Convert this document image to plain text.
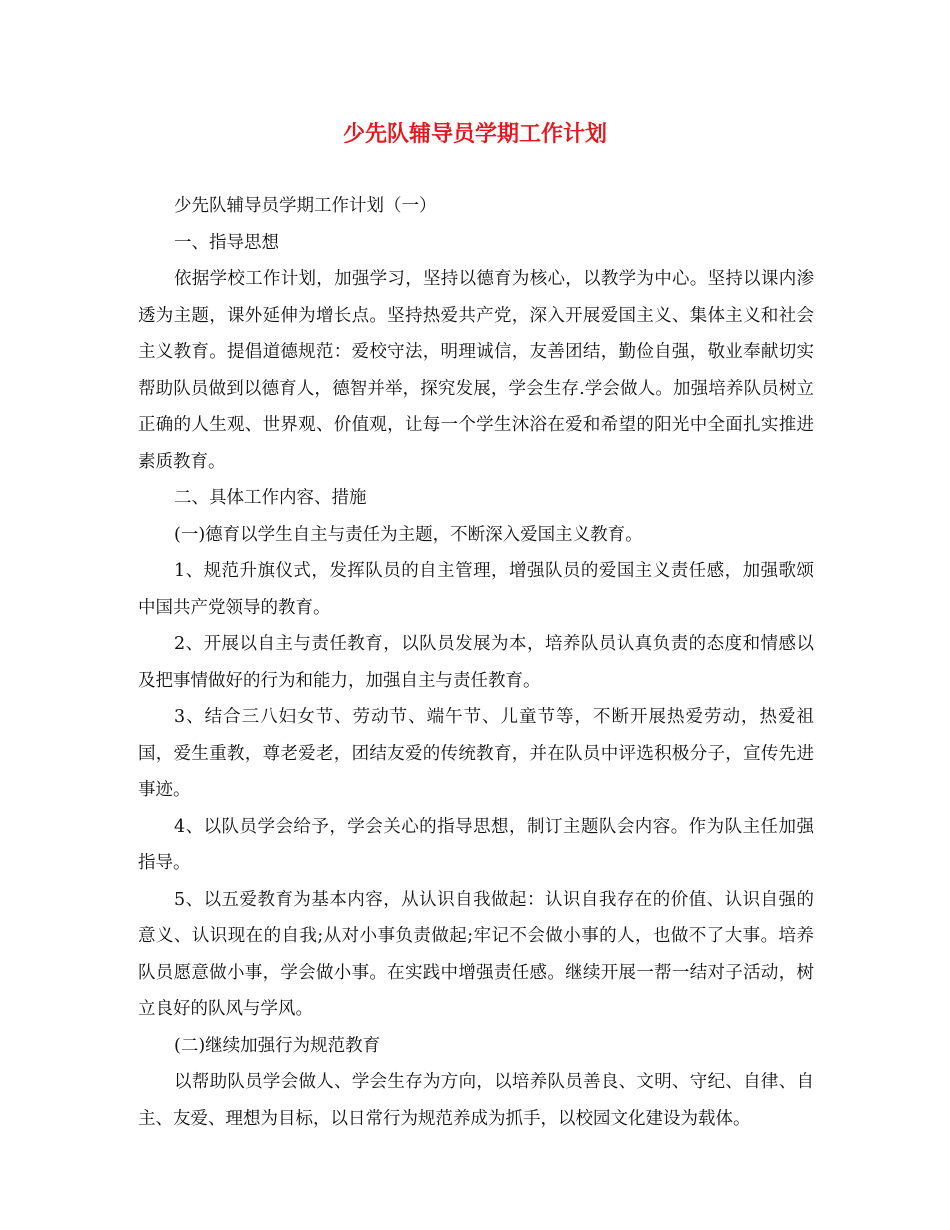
少先队辅导员学期工作计划

少先队辅导员学期工作计划（一）

一、指导思想

依据学校工作计划，加强学习，坚持以德育为核心，以教学为中心。坚持以课内渗透为主题，课外延伸为增长点。坚持热爱共产党，深入开展爱国主义、集体主义和社会主义教育。提倡道德规范：爱校守法，明理诚信，友善团结，勤俭自强，敬业奉献切实帮助队员做到以德育人，德智并举，探究发展，学会生存.学会做人。加强培养队员树立正确的人生观、世界观、价值观，让每一个学生沐浴在爱和希望的阳光中全面扎实推进素质教育。

二、具体工作内容、措施

(一)德育以学生自主与责任为主题，不断深入爱国主义教育。

1、规范升旗仪式，发挥队员的自主管理，增强队员的爱国主义责任感，加强歌颂中国共产党领导的教育。

2、开展以自主与责任教育，以队员发展为本，培养队员认真负责的态度和情感以及把事情做好的行为和能力，加强自主与责任教育。

3、结合三八妇女节、劳动节、端午节、儿童节等，不断开展热爱劳动，热爱祖国，爱生重教，尊老爱老，团结友爱的传统教育，并在队员中评选积极分子，宣传先进事迹。

4、以队员学会给予，学会关心的指导思想，制订主题队会内容。作为队主任加强指导。

5、以五爱教育为基本内容，从认识自我做起：认识自我存在的价值、认识自强的意义、认识现在的自我;从对小事负责做起;牢记不会做小事的人，也做不了大事。培养队员愿意做小事，学会做小事。在实践中增强责任感。继续开展一帮一结对子活动，树立良好的队风与学风。

(二)继续加强行为规范教育

以帮助队员学会做人、学会生存为方向，以培养队员善良、文明、守纪、自律、自主、友爱、理想为目标，以日常行为规范养成为抓手，以校园文化建设为载体。
